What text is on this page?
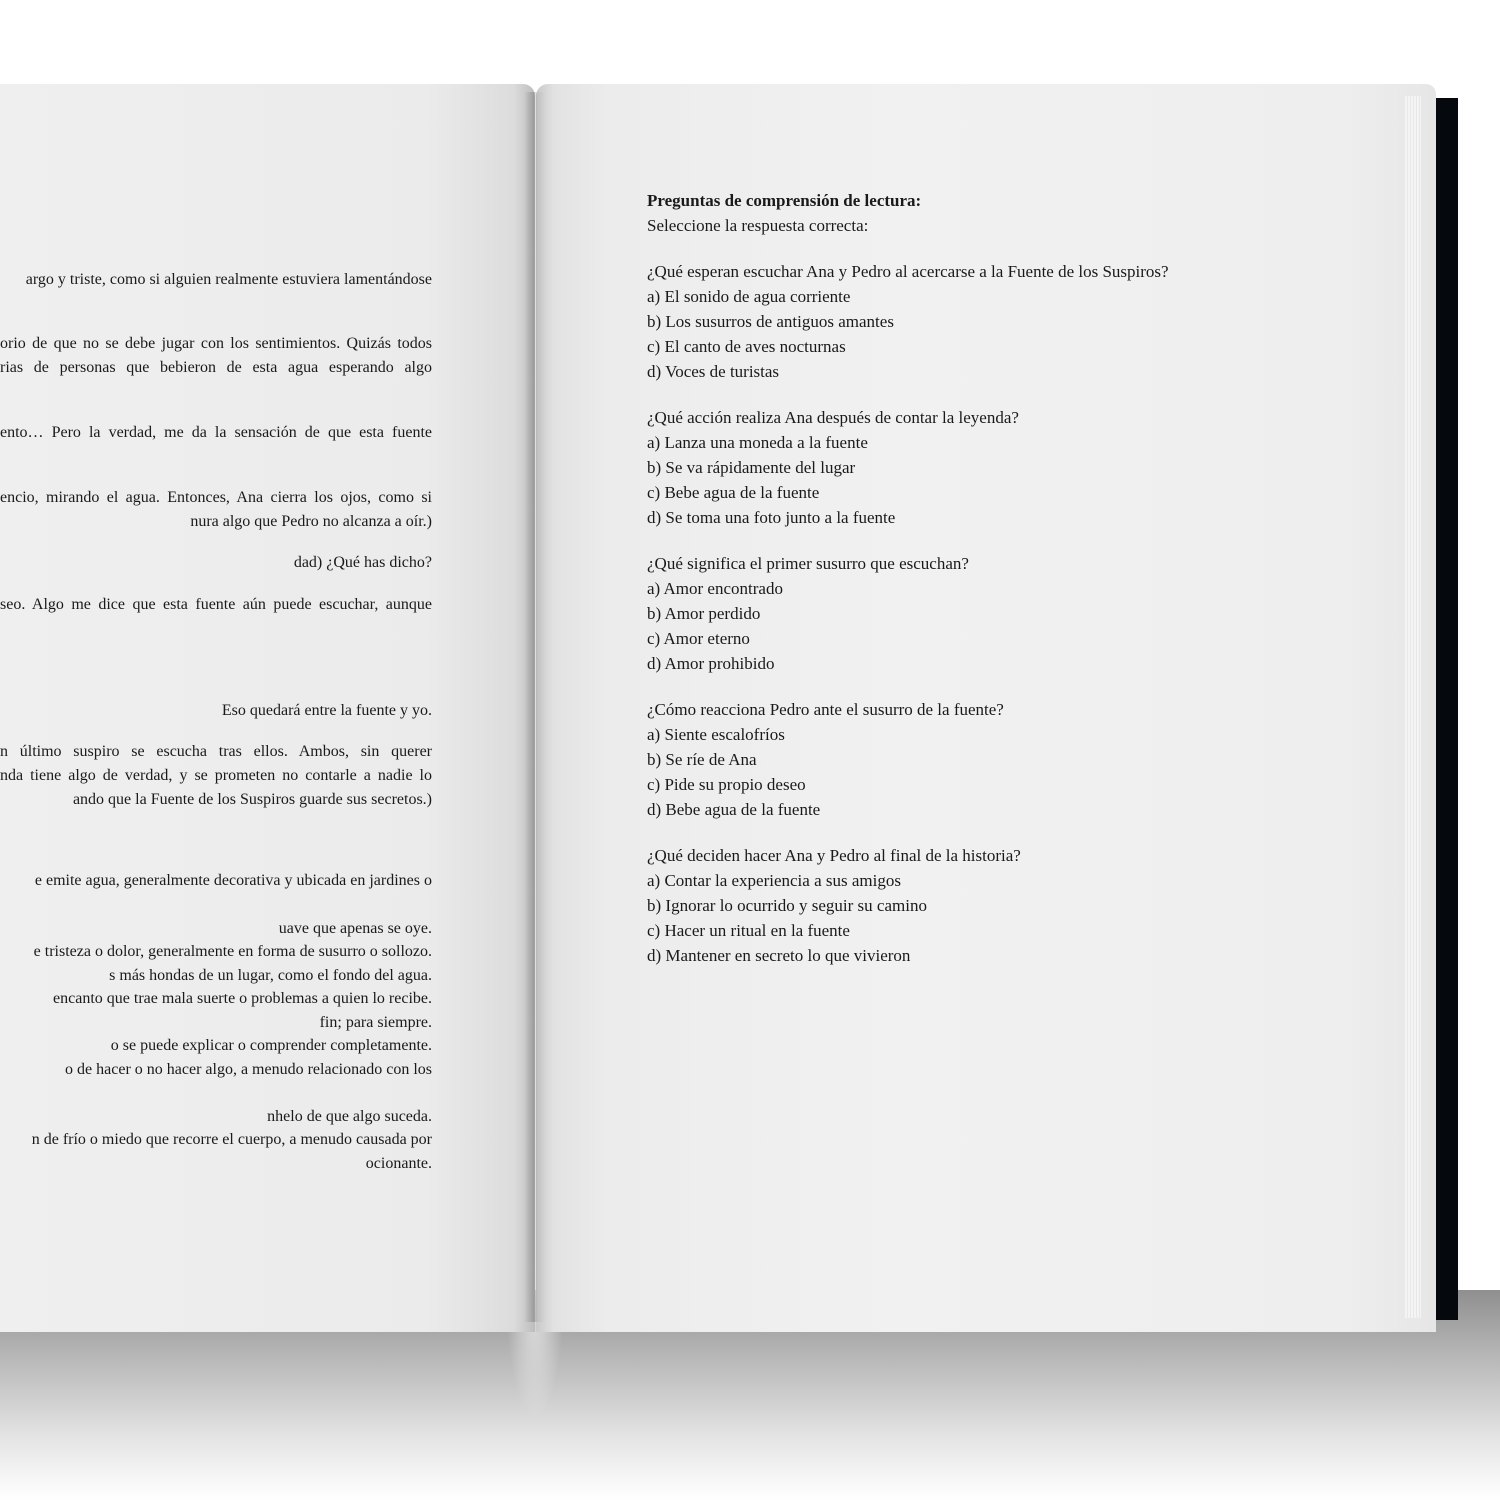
argo y triste, como si alguien realmente estuviera lamentándose
orio de que no se debe jugar con los sentimientos. Quizás todos
rias de personas que bebieron de esta agua esperando algo
ento… Pero la verdad, me da la sensación de que esta fuente
encio, mirando el agua. Entonces, Ana cierra los ojos, como si
nura algo que Pedro no alcanza a oír.)
dad) ¿Qué has dicho?
seo. Algo me dice que esta fuente aún puede escuchar, aunque
Eso quedará entre la fuente y yo.
n último suspiro se escucha tras ellos. Ambos, sin querer
nda tiene algo de verdad, y se prometen no contarle a nadie lo
ando que la Fuente de los Suspiros guarde sus secretos.)
e emite agua, generalmente decorativa y ubicada en jardines o
uave que apenas se oye.
e tristeza o dolor, generalmente en forma de susurro o sollozo.
s más hondas de un lugar, como el fondo del agua.
encanto que trae mala suerte o problemas a quien lo recibe.
fin; para siempre.
o se puede explicar o comprender completamente.
o de hacer o no hacer algo, a menudo relacionado con los
nhelo de que algo suceda.
n de frío o miedo que recorre el cuerpo, a menudo causada por
ocionante.
Preguntas de comprensión de lectura:
Seleccione la respuesta correcta:
¿Qué esperan escuchar Ana y Pedro al acercarse a la Fuente de los Suspiros?
a) El sonido de agua corriente
b) Los susurros de antiguos amantes
c) El canto de aves nocturnas
d) Voces de turistas
¿Qué acción realiza Ana después de contar la leyenda?
a) Lanza una moneda a la fuente
b) Se va rápidamente del lugar
c) Bebe agua de la fuente
d) Se toma una foto junto a la fuente
¿Qué significa el primer susurro que escuchan?
a) Amor encontrado
b) Amor perdido
c) Amor eterno
d) Amor prohibido
¿Cómo reacciona Pedro ante el susurro de la fuente?
a) Siente escalofríos
b) Se ríe de Ana
c) Pide su propio deseo
d) Bebe agua de la fuente
¿Qué deciden hacer Ana y Pedro al final de la historia?
a) Contar la experiencia a sus amigos
b) Ignorar lo ocurrido y seguir su camino
c) Hacer un ritual en la fuente
d) Mantener en secreto lo que vivieron
